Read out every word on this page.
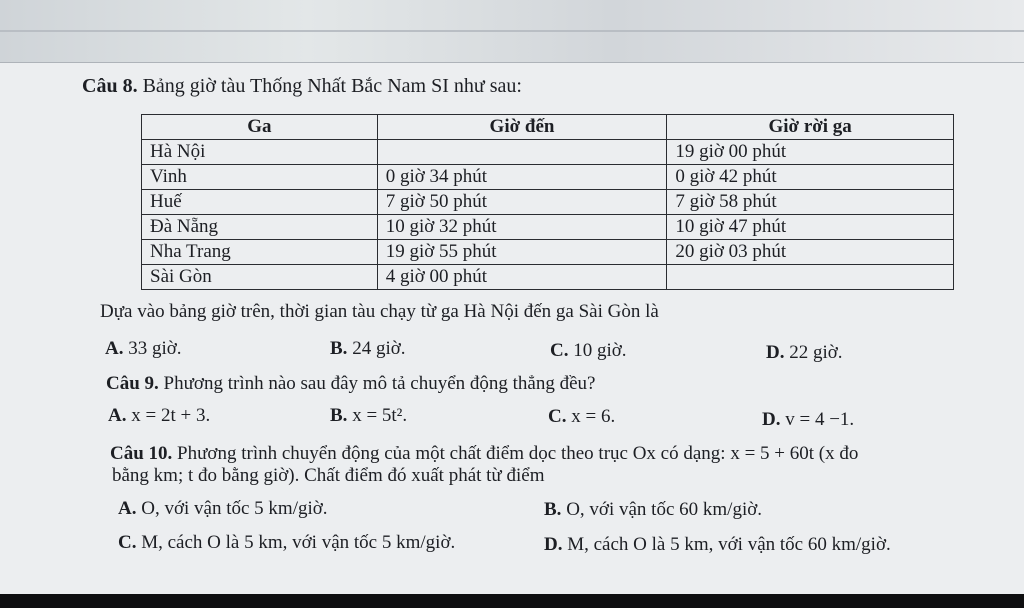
Câu 8. Bảng giờ tàu Thống Nhất Bắc Nam SI như sau:
Ga	Giờ đến	Giờ rời ga
Hà Nội		19 giờ 00 phút
Vinh	0 giờ 34 phút	0 giờ 42 phút
Huế	7 giờ 50 phút	7 giờ 58 phút
Đà Nẵng	10 giờ 32 phút	10 giờ 47 phút
Nha Trang	19 giờ 55 phút	20 giờ 03 phút
Sài Gòn	4 giờ 00 phút	
Dựa vào bảng giờ trên, thời gian tàu chạy từ ga Hà Nội đến ga Sài Gòn là
A. 33 giờ.	B. 24 giờ.	C. 10 giờ.	D. 22 giờ.
Câu 9. Phương trình nào sau đây mô tả chuyển động thẳng đều?
A. x = 2t + 3.	B. x = 5t².	C. x = 6.	D. v = 4 −1.
Câu 10. Phương trình chuyển động của một chất điểm dọc theo trục Ox có dạng: x = 5 + 60t (x đo
bằng km; t đo bằng giờ). Chất điểm đó xuất phát từ điểm
A. O, với vận tốc 5 km/giờ.	B. O, với vận tốc 60 km/giờ.
C. M, cách O là 5 km, với vận tốc 5 km/giờ.	D. M, cách O là 5 km, với vận tốc 60 km/giờ.
